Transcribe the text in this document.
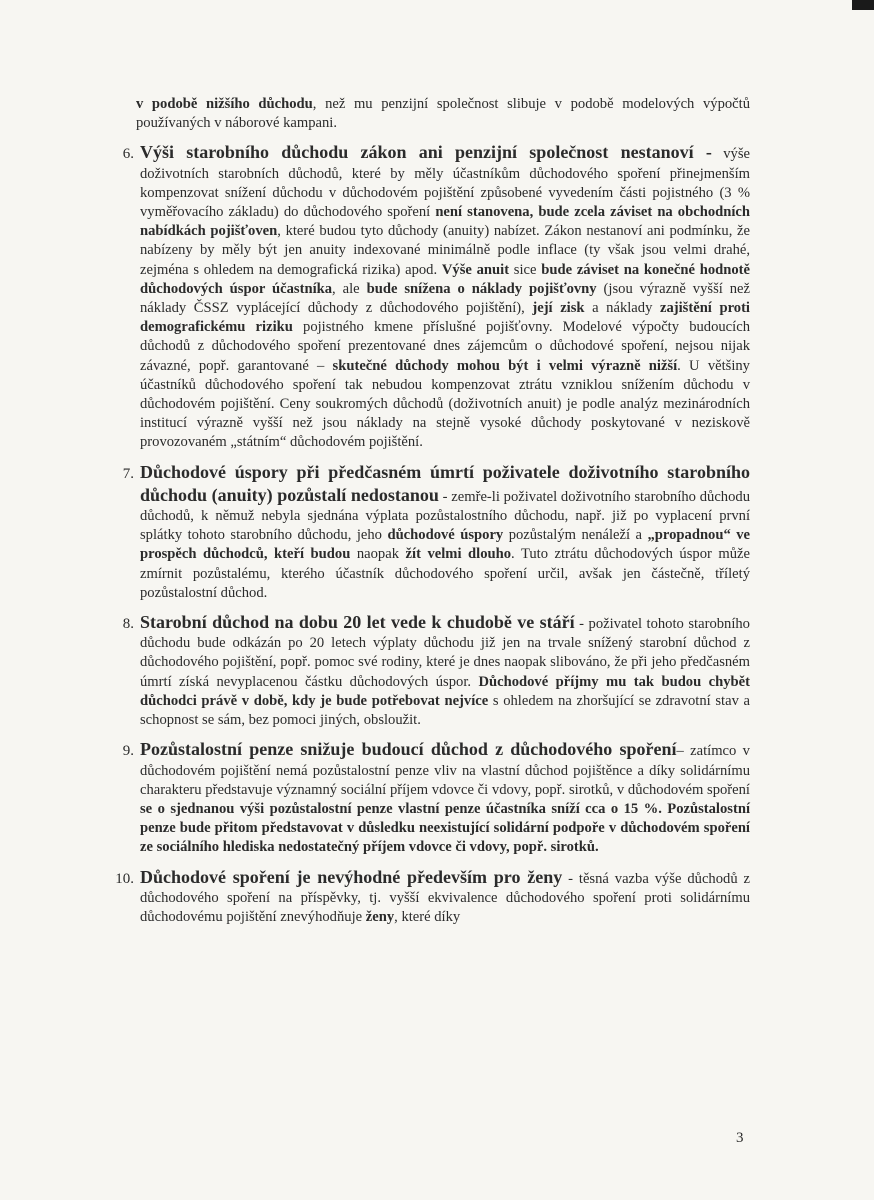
v podobě nižšího důchodu, než mu penzijní společnost slibuje v podobě modelových výpočtů používaných v náborové kampani.

6. Výši starobního důchodu zákon ani penzijní společnost nestanoví - výše doživotních starobních důchodů, které by měly účastníkům důchodového spoření přinejmenším kompenzovat snížení důchodu v důchodovém pojištění způsobené vyvedením části pojistného (3 % vyměřovacího základu) do důchodového spoření není stanovena, bude zcela záviset na obchodních nabídkách pojišťoven, které budou tyto důchody (anuity) nabízet. Zákon nestanoví ani podmínku, že nabízeny by měly být jen anuity indexované minimálně podle inflace (ty však jsou velmi drahé, zejména s ohledem na demografická rizika) apod. Výše anuit sice bude záviset na konečné hodnotě důchodových úspor účastníka, ale bude snížena o náklady pojišťovny (jsou výrazně vyšší než náklady ČSSZ vyplácející důchody z důchodového pojištění), její zisk a náklady zajištění proti demografickému riziku pojistného kmene příslušné pojišťovny. Modelové výpočty budoucích důchodů z důchodového spoření prezentované dnes zájemcům o důchodové spoření, nejsou nijak závazné, popř. garantované – skutečné důchody mohou být i velmi výrazně nižší. U většiny účastníků důchodového spoření tak nebudou kompenzovat ztrátu vzniklou snížením důchodu v důchodovém pojištění. Ceny soukromých důchodů (doživotních anuit) je podle analýz mezinárodních institucí výrazně vyšší než jsou náklady na stejně vysoké důchody poskytované v neziskově provozovaném „státním“ důchodovém pojištění.
7. Důchodové úspory při předčasném úmrtí poživatele doživotního starobního důchodu (anuity) pozůstalí nedostanou - zemře-li poživatel doživotního starobního důchodu důchodů, k němuž nebyla sjednána výplata pozůstalostního důchodu, např. již po vyplacení první splátky tohoto starobního důchodu, jeho důchodové úspory pozůstalým nenáleží a „propadnou“ ve prospěch důchodců, kteří budou naopak žít velmi dlouho. Tuto ztrátu důchodových úspor může zmírnit pozůstalému, kterého účastník důchodového spoření určil, avšak jen částečně, tříletý pozůstalostní důchod.
8. Starobní důchod na dobu 20 let vede k chudobě ve stáří - poživatel tohoto starobního důchodu bude odkázán po 20 letech výplaty důchodu již jen na trvale snížený starobní důchod z důchodového pojištění, popř. pomoc své rodiny, které je dnes naopak slibováno, že při jeho předčasném úmrtí získá nevyplacenou částku důchodových úspor. Důchodové příjmy mu tak budou chybět důchodci právě v době, kdy je bude potřebovat nejvíce s ohledem na zhoršující se zdravotní stav a schopnost se sám, bez pomoci jiných, obsloužit.
9. Pozůstalostní penze snižuje budoucí důchod z důchodového spoření– zatímco v důchodovém pojištění nemá pozůstalostní penze vliv na vlastní důchod pojištěnce a díky solidárnímu charakteru představuje významný sociální příjem vdovce či vdovy, popř. sirotků, v důchodovém spoření se o sjednanou výši pozůstalostní penze vlastní penze účastníka sníží cca o 15 %. Pozůstalostní penze bude přitom představovat v důsledku neexistující solidární podpoře v důchodovém spoření ze sociálního hlediska nedostatečný příjem vdovce či vdovy, popř. sirotků.
10. Důchodové spoření je nevýhodné především pro ženy - těsná vazba výše důchodů z důchodového spoření na příspěvky, tj. vyšší ekvivalence důchodového spoření proti solidárnímu důchodovému pojištění znevýhodňuje ženy, které díky
3
